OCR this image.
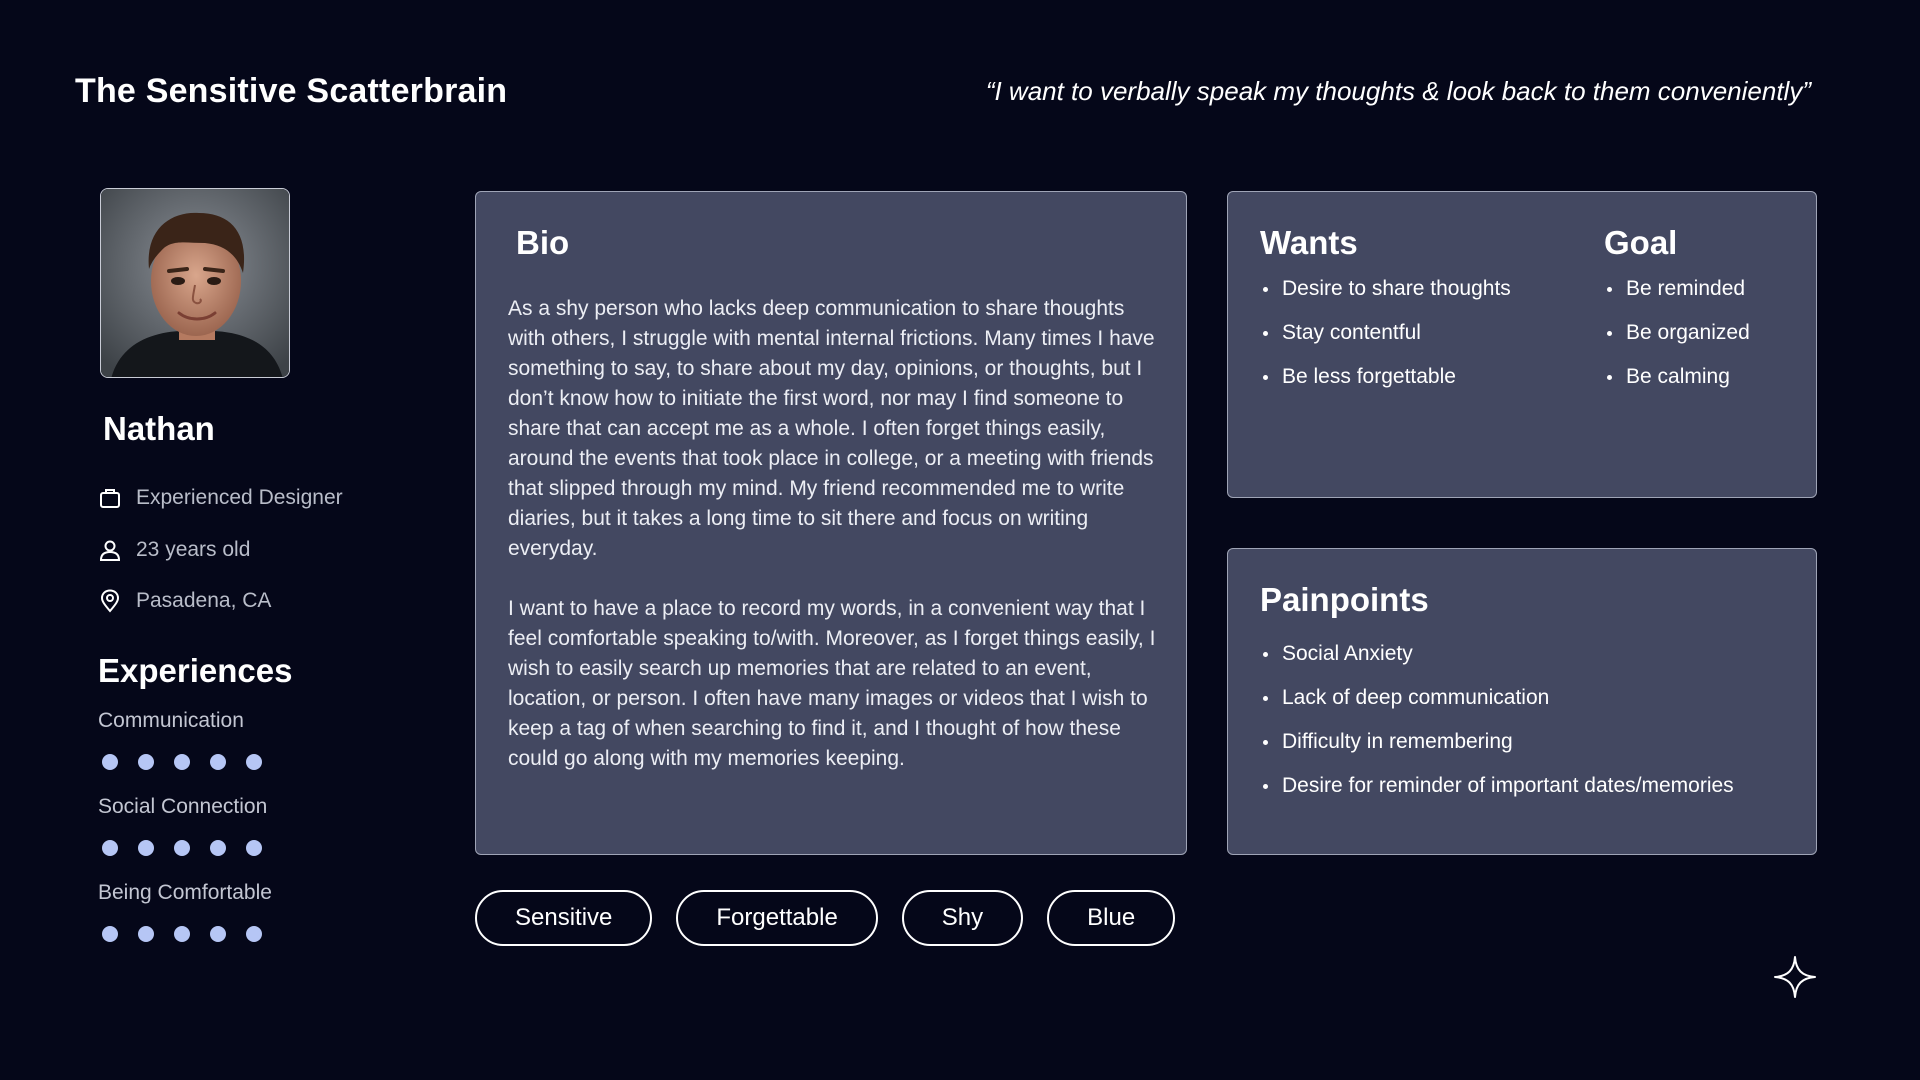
The Sensitive Scatterbrain	“I want to verbally speak my thoughts & look back to them conveniently”
Nathan
Experienced Designer
23 years old
Pasadena, CA
Experiences
Communication
Social Connection
Being Comfortable
Bio

As a shy person who lacks deep communication to share thoughts with others, I struggle with mental internal frictions. Many times I have something to say, to share about my day, opinions, or thoughts, but I don’t know how to initiate the first word, nor may I find someone to share that can accept me as a whole. I often forget things easily, around the events that took place in college, or a meeting with friends that slipped through my mind. My friend recommended me to write diaries, but it takes a long time to sit there and focus on writing everyday.

I want to have a place to record my words, in a convenient way that I feel comfortable speaking to/with. Moreover, as I forget things easily, I wish to easily search up memories that are related to an event, location, or person. I often have many images or videos that I wish to keep a tag of when searching to find it, and I thought of how these could go along with my memories keeping.

Wants
Desire to share thoughts
Stay contentful
Be less forgettable
Goal
Be reminded
Be organized
Be calming
Painpoints
Social Anxiety
Lack of deep communication
Difficulty in remembering
Desire for reminder of important dates/memories
Sensitive	Forgettable	Shy	Blue
